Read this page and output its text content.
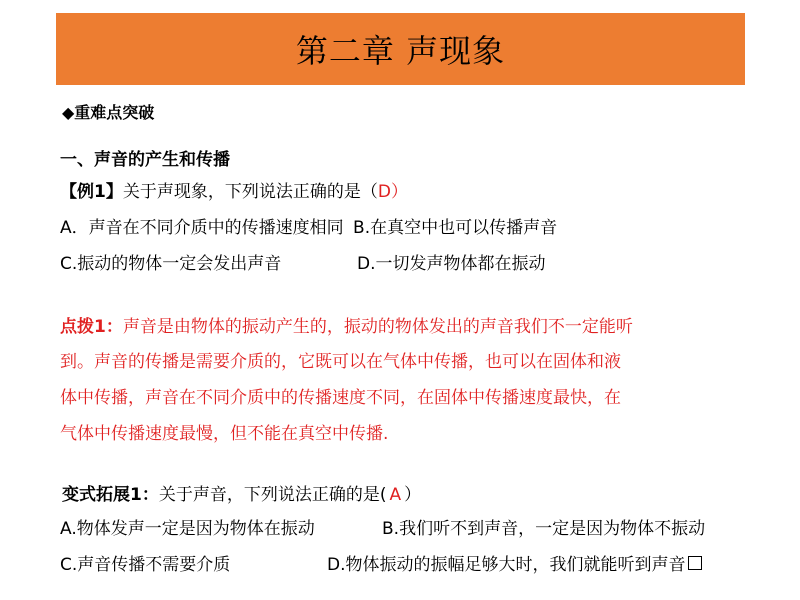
第二章 声现象
◆重难点突破
一、声音的产生和传播
【例1】关于声现象，下列说法正确的是（D）
A．声音在不同介质中的传播速度相同 B.在真空中也可以传播声音
C.振动的物体一定会发出声音	D.一切发声物体都在振动
点拨1：声音是由物体的振动产生的，振动的物体发出的声音我们不一定能听
到。声音的传播是需要介质的，它既可以在气体中传播，也可以在固体和液
体中传播，声音在不同介质中的传播速度不同，在固体中传播速度最快，在
气体中传播速度最慢，但不能在真空中传播.
变式拓展1：关于声音，下列说法正确的是( A ）
A.物体发声一定是因为物体在振动	B.我们听不到声音，一定是因为物体不振动
C.声音传播不需要介质	D.物体振动的振幅足够大时，我们就能听到声音
